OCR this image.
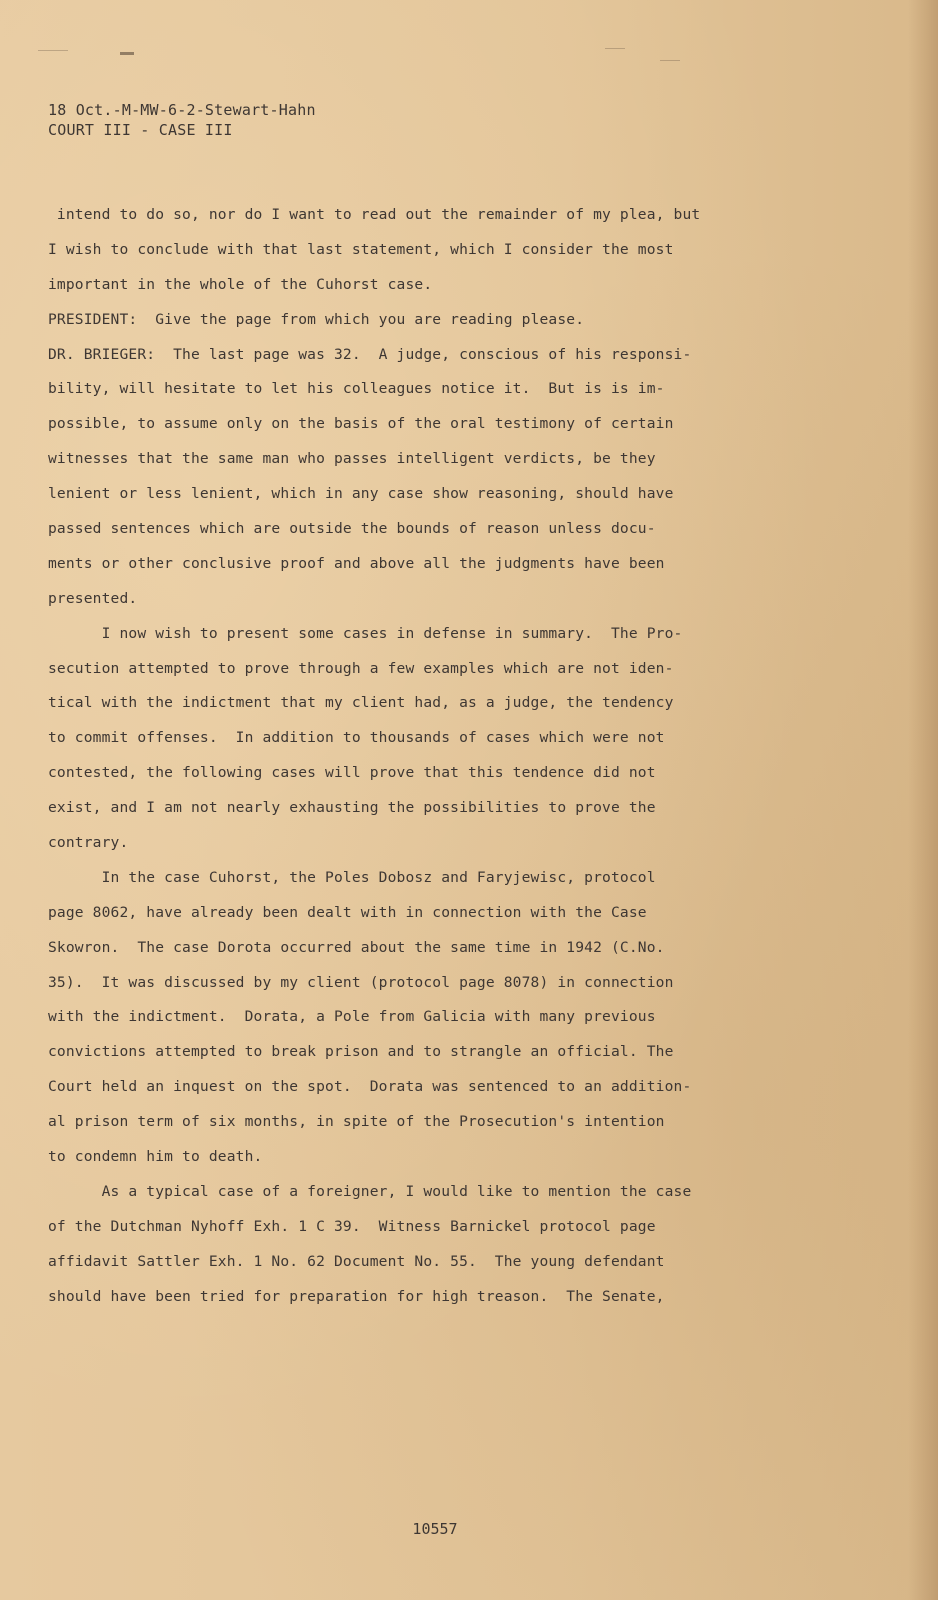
18 Oct.-M-MW-6-2-Stewart-Hahn
COURT III - CASE III
intend to do so, nor do I want to read out the remainder of my plea, but
I wish to conclude with that last statement, which I consider the most
important in the whole of the Cuhorst case.
PRESIDENT:  Give the page from which you are reading please.
DR. BRIEGER:  The last page was 32.  A judge, conscious of his responsi-
bility, will hesitate to let his colleagues notice it.  But is is im-
possible, to assume only on the basis of the oral testimony of certain
witnesses that the same man who passes intelligent verdicts, be they
lenient or less lenient, which in any case show reasoning, should have
passed sentences which are outside the bounds of reason unless docu-
ments or other conclusive proof and above all the judgments have been
presented.
I now wish to present some cases in defense in summary.  The Pro-
secution attempted to prove through a few examples which are not iden-
tical with the indictment that my client had, as a judge, the tendency
to commit offenses.  In addition to thousands of cases which were not
contested, the following cases will prove that this tendence did not
exist, and I am not nearly exhausting the possibilities to prove the
contrary.
In the case Cuhorst, the Poles Dobosz and Faryjewisc, protocol
page 8062, have already been dealt with in connection with the Case
Skowron.  The case Dorota occurred about the same time in 1942 (C.No.
35).  It was discussed by my client (protocol page 8078) in connection
with the indictment.  Dorata, a Pole from Galicia with many previous
convictions attempted to break prison and to strangle an official. The
Court held an inquest on the spot.  Dorata was sentenced to an addition-
al prison term of six months, in spite of the Prosecution's intention
to condemn him to death.
As a typical case of a foreigner, I would like to mention the case
of the Dutchman Nyhoff Exh. 1 C 39.  Witness Barnickel protocol page
affidavit Sattler Exh. 1 No. 62 Document No. 55.  The young defendant
should have been tried for preparation for high treason.  The Senate,
10557
